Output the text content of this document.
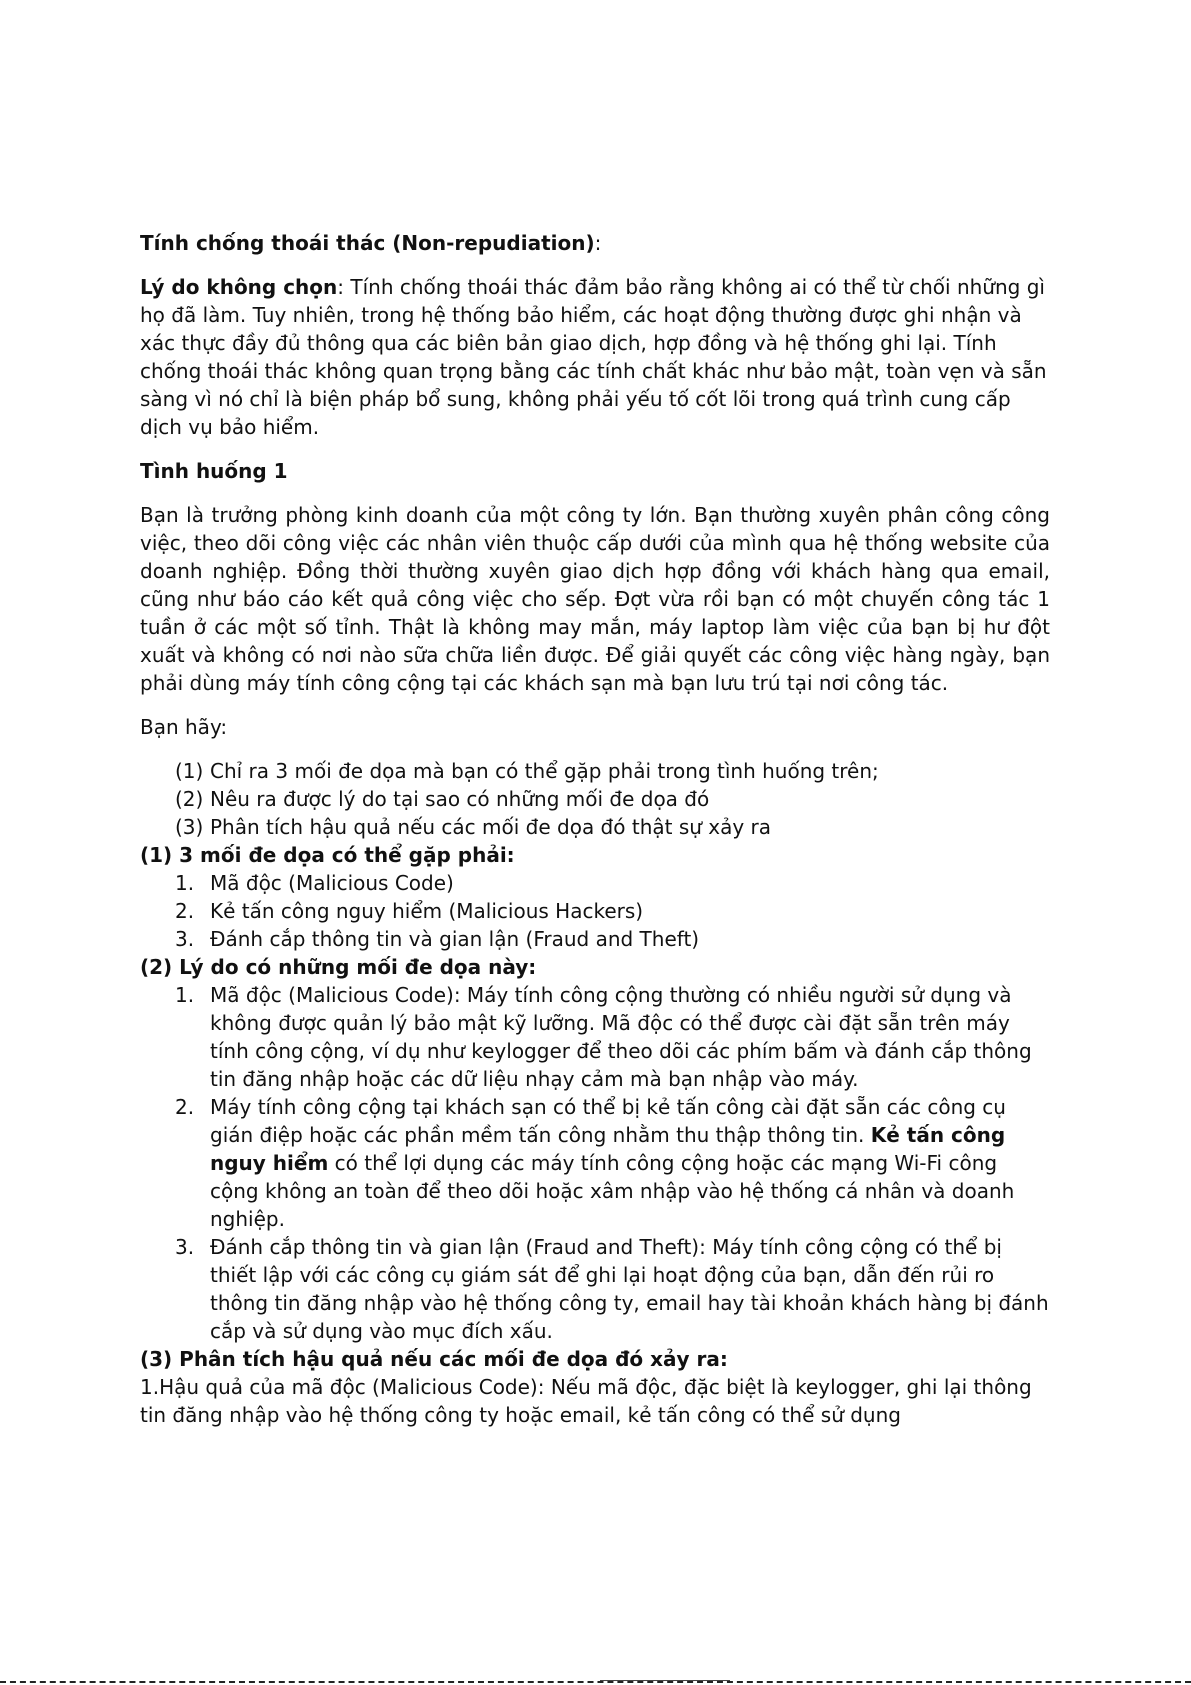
Tính chống thoái thác (Non-repudiation):

Lý do không chọn: Tính chống thoái thác đảm bảo rằng không ai có thể từ chối những gì họ đã làm. Tuy nhiên, trong hệ thống bảo hiểm, các hoạt động thường được ghi nhận và xác thực đầy đủ thông qua các biên bản giao dịch, hợp đồng và hệ thống ghi lại. Tính chống thoái thác không quan trọng bằng các tính chất khác như bảo mật, toàn vẹn và sẵn sàng vì nó chỉ là biện pháp bổ sung, không phải yếu tố cốt lõi trong quá trình cung cấp dịch vụ bảo hiểm.

Tình huống 1

Bạn là trưởng phòng kinh doanh của một công ty lớn. Bạn thường xuyên phân công công việc, theo dõi công việc các nhân viên thuộc cấp dưới của mình qua hệ thống website của doanh nghiệp. Đồng thời thường xuyên giao dịch hợp đồng với khách hàng qua email, cũng như báo cáo kết quả công việc cho sếp. Đợt vừa rồi bạn có một chuyến công tác 1 tuần ở các một số tỉnh. Thật là không may mắn, máy laptop làm việc của bạn bị hư đột xuất và không có nơi nào sữa chữa liền được. Để giải quyết các công việc hàng ngày, bạn phải dùng máy tính công cộng tại các khách sạn mà bạn lưu trú tại nơi công tác.

Bạn hãy:

(1) Chỉ ra 3 mối đe dọa mà bạn có thể gặp phải trong tình huống trên;
(2) Nêu ra được lý do tại sao có những mối đe dọa đó
(3) Phân tích hậu quả nếu các mối đe dọa đó thật sự xảy ra

(1) 3 mối đe dọa có thể gặp phải:

1. Mã độc (Malicious Code)
2. Kẻ tấn công nguy hiểm (Malicious Hackers)
3. Đánh cắp thông tin và gian lận (Fraud and Theft)

(2) Lý do có những mối đe dọa này:

1. Mã độc (Malicious Code): Máy tính công cộng thường có nhiều người sử dụng và không được quản lý bảo mật kỹ lưỡng. Mã độc có thể được cài đặt sẵn trên máy tính công cộng, ví dụ như keylogger để theo dõi các phím bấm và đánh cắp thông tin đăng nhập hoặc các dữ liệu nhạy cảm mà bạn nhập vào máy.
2. Máy tính công cộng tại khách sạn có thể bị kẻ tấn công cài đặt sẵn các công cụ gián điệp hoặc các phần mềm tấn công nhằm thu thập thông tin. Kẻ tấn công nguy hiểm có thể lợi dụng các máy tính công cộng hoặc các mạng Wi-Fi công cộng không an toàn để theo dõi hoặc xâm nhập vào hệ thống cá nhân và doanh nghiệp.
3. Đánh cắp thông tin và gian lận (Fraud and Theft): Máy tính công cộng có thể bị thiết lập với các công cụ giám sát để ghi lại hoạt động của bạn, dẫn đến rủi ro thông tin đăng nhập vào hệ thống công ty, email hay tài khoản khách hàng bị đánh cắp và sử dụng vào mục đích xấu.

(3) Phân tích hậu quả nếu các mối đe dọa đó xảy ra:

1.Hậu quả của mã độc (Malicious Code): Nếu mã độc, đặc biệt là keylogger, ghi lại thông tin đăng nhập vào hệ thống công ty hoặc email, kẻ tấn công có thể sử dụng
